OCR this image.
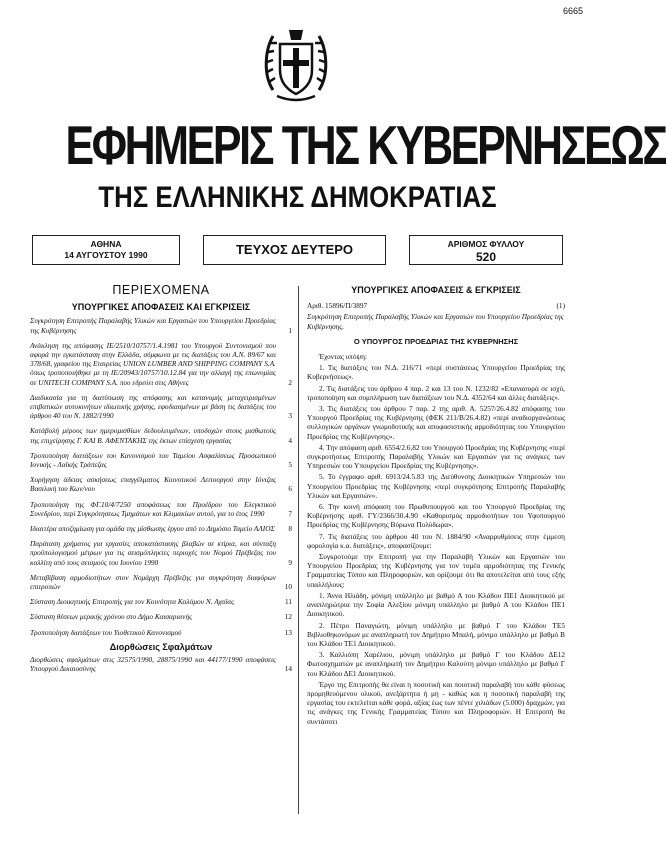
6665
ΕΦΗΜΕΡΙΣ ΤΗΣ ΚΥΒΕΡΝΗΣΕΩΣ
ΤΗΣ ΕΛΛΗΝΙΚΗΣ ΔΗΜΟΚΡΑΤΙΑΣ
ΑΘΗΝΑ
14 ΑΥΓΟΥΣΤΟΥ 1990	ΤΕΥΧΟΣ ΔΕΥΤΕΡΟ	ΑΡΙΘΜΟΣ ΦΥΛΛΟΥ
520
ΠΕΡΙΕΧΟΜΕΝΑ
ΥΠΟΥΡΓΙΚΕΣ ΑΠΟΦΑΣΕΙΣ ΚΑΙ ΕΓΚΡΙΣΕΙΣ
Συγκρότηση Επιτροπής Παραλαβής Υλικών και Εργασιών του Υπουργείου Προεδρίας της Κυβέρνησης	1
Ανάκληση της απόφασης ΙΕ/2510/10757/1.4.1981 του Υπουργού Συντονισμού που αφορά την εγκατάσταση στην Ελλάδα, σύμφωνα με τις διατάξεις του Α.Ν. 89/67 και 378/68, γραφείου της Εταιρείας UNION LUMBER AND SHIPPING COMPANY S.A. όπως τροποποιήθηκε με τη ΙΕ/20943/10757/10.12.84 για την αλλαγή της επωνυμίας σε UNITECH COMPANY S.A. που εδρεύει στις Αθήνες	2
Διαδικασία για τη διατύπωση της απόφασης και κατανομής μεταχειρισμένων επιβατικών αυτοκινήτων ιδιωτικής χρήσης, εφοδιασμένων με βάση τις διατάξεις του άρθρου 40 του Ν. 1882/1990	3
Κατάβολή μέρους των ημερομισθίων δεδουλευμένων, υποδοχών στους μισθωτούς της επιχείρησης Γ. ΚΑΙ Β. ΑΦΕΝΤΑΚΗΣ της έκτων επίσχεση εργασίας	4
Τροποποίηση διατάξεων του Κανονισμού του Ταμείου Ασφαλίσεως Προσωπικού Ιονικής - Λαϊκής Τράπεζας	5
Χορήγηση άδειας ασκήσεως επαγγέλματος Κοινοτικού Λειτουργού στην Ιόνιζας Βασιλική του Κων/νου	6
Τροποποίηση της ΦΓ.10/4/7250 αποφάσεως του Προέδρου του Ελεγκτικού Συνεδρίου, περί Συγκρότησεως Τμημάτων και Κλιμακίων αυτού, για το έτος 1990	7
Ιδιαιτέρα αποζημίωση για ομάδα της μίσθωσης έργου από το Δημόσιο Ταμείο ΑΛΙΟΣ	8
Παράταση χρήματος για εργασίες αποκατάστασης βλαβών σε κτίρια, και σύνταξη προϋπολογισμού μέτρων για τις σεισμόπληκτες περιοχές του Νομού Πρέβεζας του καλλίτη από τους σεισμούς του Ιουνίου 1990	9
Μεταβίβαση αρμοδιοτήτων στον Νομάρχη Πρέβεζης για συγκρότηση διαφόρων επιτροπών	10
Σύσταση Διοικητικής Επιτροπής για τον Κοινότητα Καλάμου Ν. Αχαΐας	11
Σύσταση θέσεων μερικής χρόνου στο Δήμο Καισαριανής	12
Τροποποίηση διατάξεων του Υιοθετικού Κανονισμού	13
Διορθώσεις Σφαλμάτων
Διορθώσεις σφαλμάτων στις 32575/1990, 28875/1990 και 44177/1990 αποφάσεις Υπουργού Δικαιοσύνης	14
ΥΠΟΥΡΓΙΚΕΣ ΑΠΟΦΑΣΕΙΣ & ΕΓΚΡΙΣΕΙΣ
Αριθ. 15896/Π/3897	(1)
Συγκρότηση Επιτροπής Παραλαβής Υλικών και Εργασιών του Υπουργείου Προεδρίας της Κυβέρνησης.
Ο ΥΠΟΥΡΓΟΣ ΠΡΟΕΔΡΙΑΣ ΤΗΣ ΚΥΒΕΡΝΗΣΗΣ

Έχοντας υπόψη:

1. Τις διατάξεις του Ν.Δ. 216/71 «περί συστάσεως Υπουργείου Προεδρίας της Κυβερνήσεως».

2. Τις διατάξεις του άρθρου 4 παρ. 2 και 13 του Ν. 1232/82 «Επανασορά σε ισχύ, τροποποίηση και συμπλήρωση των διατάξεων του Ν.Δ. 4352/64 και άλλες διατάξεις».

3. Τις διατάξεις του άρθρου 7 παρ. 2 της αριθ. Α. 5257/26.4.82 απόφασης του Υπουργού Προεδρίας της Κυβέρνησης (ΦΕΚ 211/Β/26.4.82) «περί αναδιοργανώσεως συλλογικών οργάνων γνωμοδοτικής και αποφασιστικής αρμοδιότητας του Υπουργείου Προεδρίας της Κυβέρνησης».

4. Την απόφαση αριθ. 6554/2.6.82 του Υπουργού Προεδρίας της Κυβέρνησης «περί συγκροτήσεως Επιτροπής Παραλαβής Υλικών και Εργασιών για τις ανάγκες των Υπηρεσιών του Υπουργείου Προεδρίας της Κυβέρνησης».

5. Το έγγραφο αριθ. 6913/24.5.83 της Διεύθυνσης Διοικητικών Υπηρεσιών του Υπουργείου Προεδρίας της Κυβέρνησης «περί συγκρότησης Επιτροπής Παραλαβής Υλικών και Εργασιών».

6. Την κοινή απόφαση του Πρωθυπουργού και του Υπουργού Προεδρίας της Κυβέρνησης αριθ. ΓΥ/2366/30.4.90 «Καθορισμός αρμοδιοτήτων του Υφυπουργού Προεδρίας της Κυβέρνησης Βύρωνα Πολύδωρα».

7. Τις διατάξεις του άρθρου 40 του Ν. 1884/90 «Αναρρυθμίσεις στην έμμεση φορολογία κ.α. διατάξεις», αποφασίζουμε:

Συγκροτούμε την Επιτροπή για την Παραλαβή Υλικών και Εργασιών του Υπουργείου Προεδρίας της Κυβέρνησης για τον τομέα αρμοδιότητας της Γενικής Γραμματείας Τύπου και Πληροφοριών, και ορίζουμε ότι θα αποτελείται από τους εξής υπαλλήλους:

1. Άννα Ηλιάδη, μόνιμη υπάλληλο με βαθμό Α του Κλάδου ΠΕ1 Διοικητικού με αναπληρώτρια την Σοφία Αλεξίου μόνιμη υπάλληλο με βαθμό Α του Κλάδου ΠΕ1 Διοικητικού.

2. Πέτρο Παναγιώτη, μόνιμη υπάλληλο με βαθμό Γ του Κλάδου ΤΕ5 Βιβλιοθηκονόμων με αναπληρωτή τον Δημήτριο Μπαλή, μόνιμο υπάλληλο με βαθμό Β του Κλάδου ΤΕ1 Διοικητικού.

3. Καλλιόπη Χαρέλιου, μόνιμη υπάλληλο με βαθμό Γ του Κλάδου ΔΕ12 Φωτοσχηματών με αναπληρωτή τον Δημήτριο Καλούτη μόνιμο υπάλληλο με βαθμό Γ του Κλάδου ΔΕ1 Διοικητικού.

Έργο της Επιτροπής θα είναι η ποσοτική και ποιοτική παραλαβή του κάθε φύσεως προμηθευόμενου υλικού, ανεξάρτητα ή μη - καθώς και η ποσοτική παραλαβή της εργασίας του εκτελείται κάθε φορά, αξίας έως των πέντε χιλιάδων (5.000) δραχμών, για τις ανάγκες της Γενικής Γραμματείας Τύπου και Πληροφοριών. Η Επιτροπή θα συντάσσει
